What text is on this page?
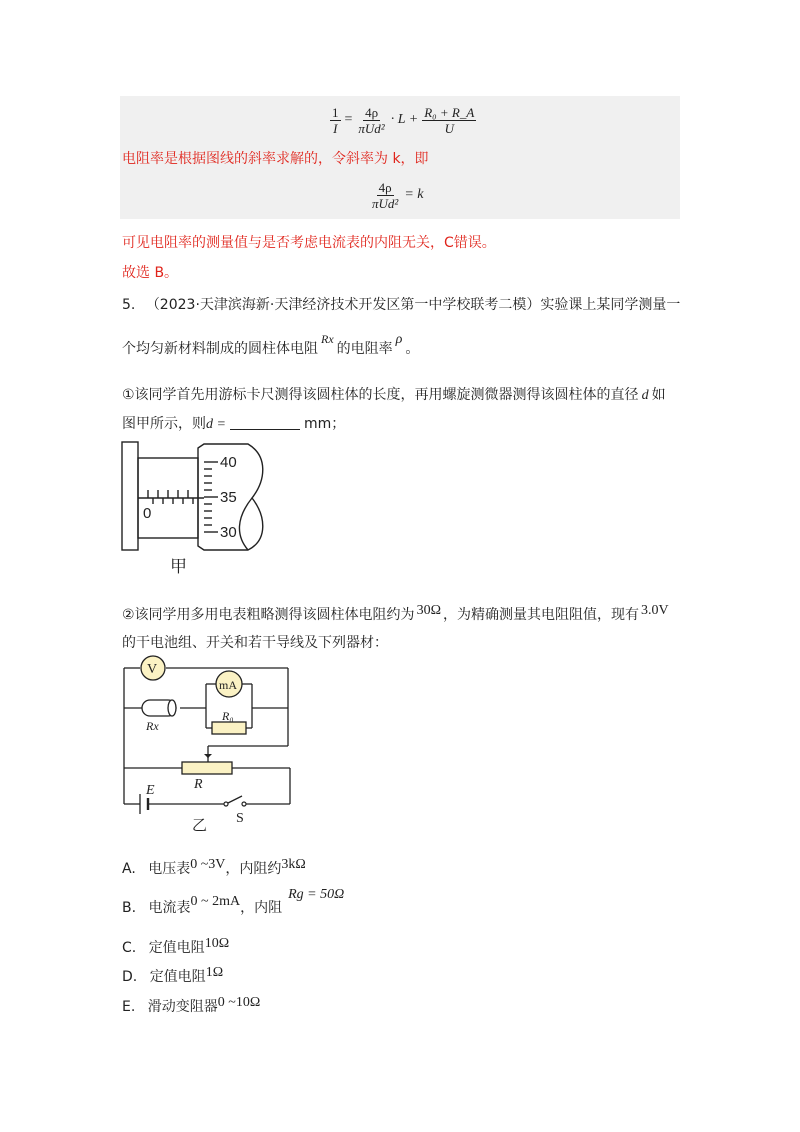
$\frac{1}{I} = \frac{4\rho}{\text{πUd²}} \cdot L + \frac{\text{R₀ + R\_A}}{U}$
电阻率是根据图线的斜率求解的，令斜率为 k，即
$\frac{4\rho}{\text{πUd²}} = k$
可见电阻率的测量值与是否考虑电流表的内阻无关，C错误。
故选 B。
5. （2023·天津滨海新·天津经济技术开发区第一中学校联考二模）实验课上某同学测量一
个均匀新材料制成的圆柱体电阻Rx的电阻率ρ。
①该同学首先用游标卡尺测得该圆柱体的长度，再用螺旋测微器测得该圆柱体的直径 d 如
图甲所示，则d =	mm；
40
35
30
0
甲
②该同学用多用电表粗略测得该圆柱体电阻约为 30Ω ，为精确测量其电阻阻值，现有 3.0V
的干电池组、开关和若干导线及下列器材：
V
mA
Rx
R₀
R
E
S
乙
A. 电压表0 ~3V，内阻约3kΩ
B. 电流表0 ~ 2mA，内阻Rg = 50Ω
C. 定值电阻10Ω
D. 定值电阻1Ω
E. 滑动变阻器0 ~10Ω
